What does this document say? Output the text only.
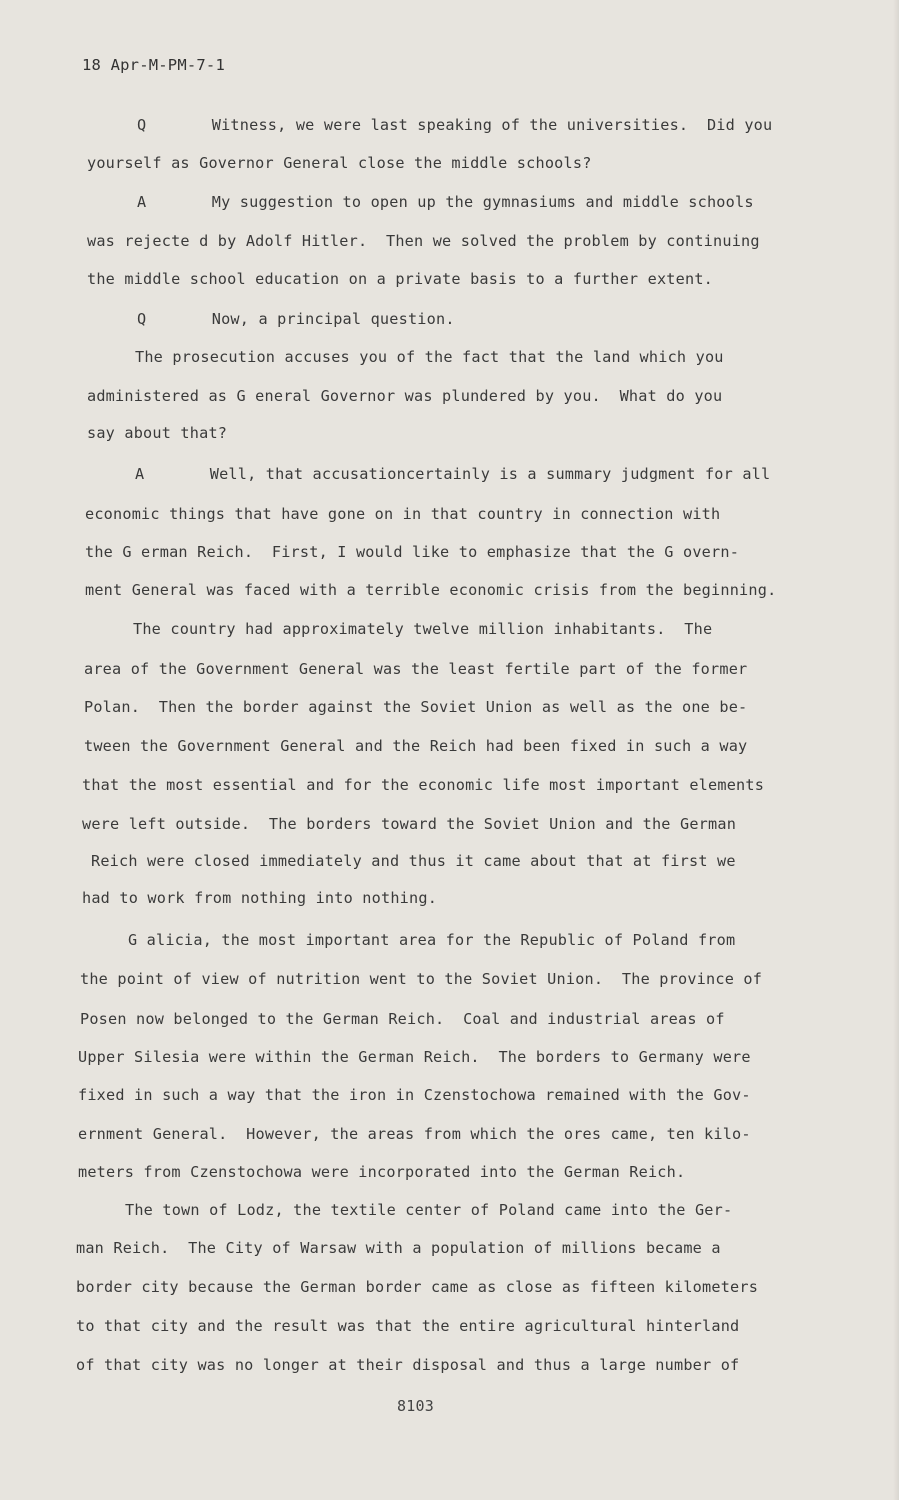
18 Apr-M-PM-7-1
Q       Witness, we were last speaking of the universities.  Did you
yourself as Governor General close the middle schools?
A       My suggestion to open up the gymnasiums and middle schools
was rejecte d by Adolf Hitler.  Then we solved the problem by continuing
the middle school education on a private basis to a further extent.
Q       Now, a principal question.
The prosecution accuses you of the fact that the land which you
administered as G eneral Governor was plundered by you.  What do you
say about that?
A       Well, that accusationcertainly is a summary judgment for all
economic things that have gone on in that country in connection with
the G erman Reich.  First, I would like to emphasize that the G overn-
ment General was faced with a terrible economic crisis from the beginning.
The country had approximately twelve million inhabitants.  The
area of the Government General was the least fertile part of the former
Polan.  Then the border against the Soviet Union as well as the one be-
tween the Government General and the Reich had been fixed in such a way
that the most essential and for the economic life most important elements
were left outside.  The borders toward the Soviet Union and the German
Reich were closed immediately and thus it came about that at first we
had to work from nothing into nothing.
G alicia, the most important area for the Republic of Poland from
the point of view of nutrition went to the Soviet Union.  The province of
Posen now belonged to the German Reich.  Coal and industrial areas of
Upper Silesia were within the German Reich.  The borders to Germany were
fixed in such a way that the iron in Czenstochowa remained with the Gov-
ernment General.  However, the areas from which the ores came, ten kilo-
meters from Czenstochowa were incorporated into the German Reich.
The town of Lodz, the textile center of Poland came into the Ger-
man Reich.  The City of Warsaw with a population of millions became a
border city because the German border came as close as fifteen kilometers
to that city and the result was that the entire agricultural hinterland
of that city was no longer at their disposal and thus a large number of
8103
